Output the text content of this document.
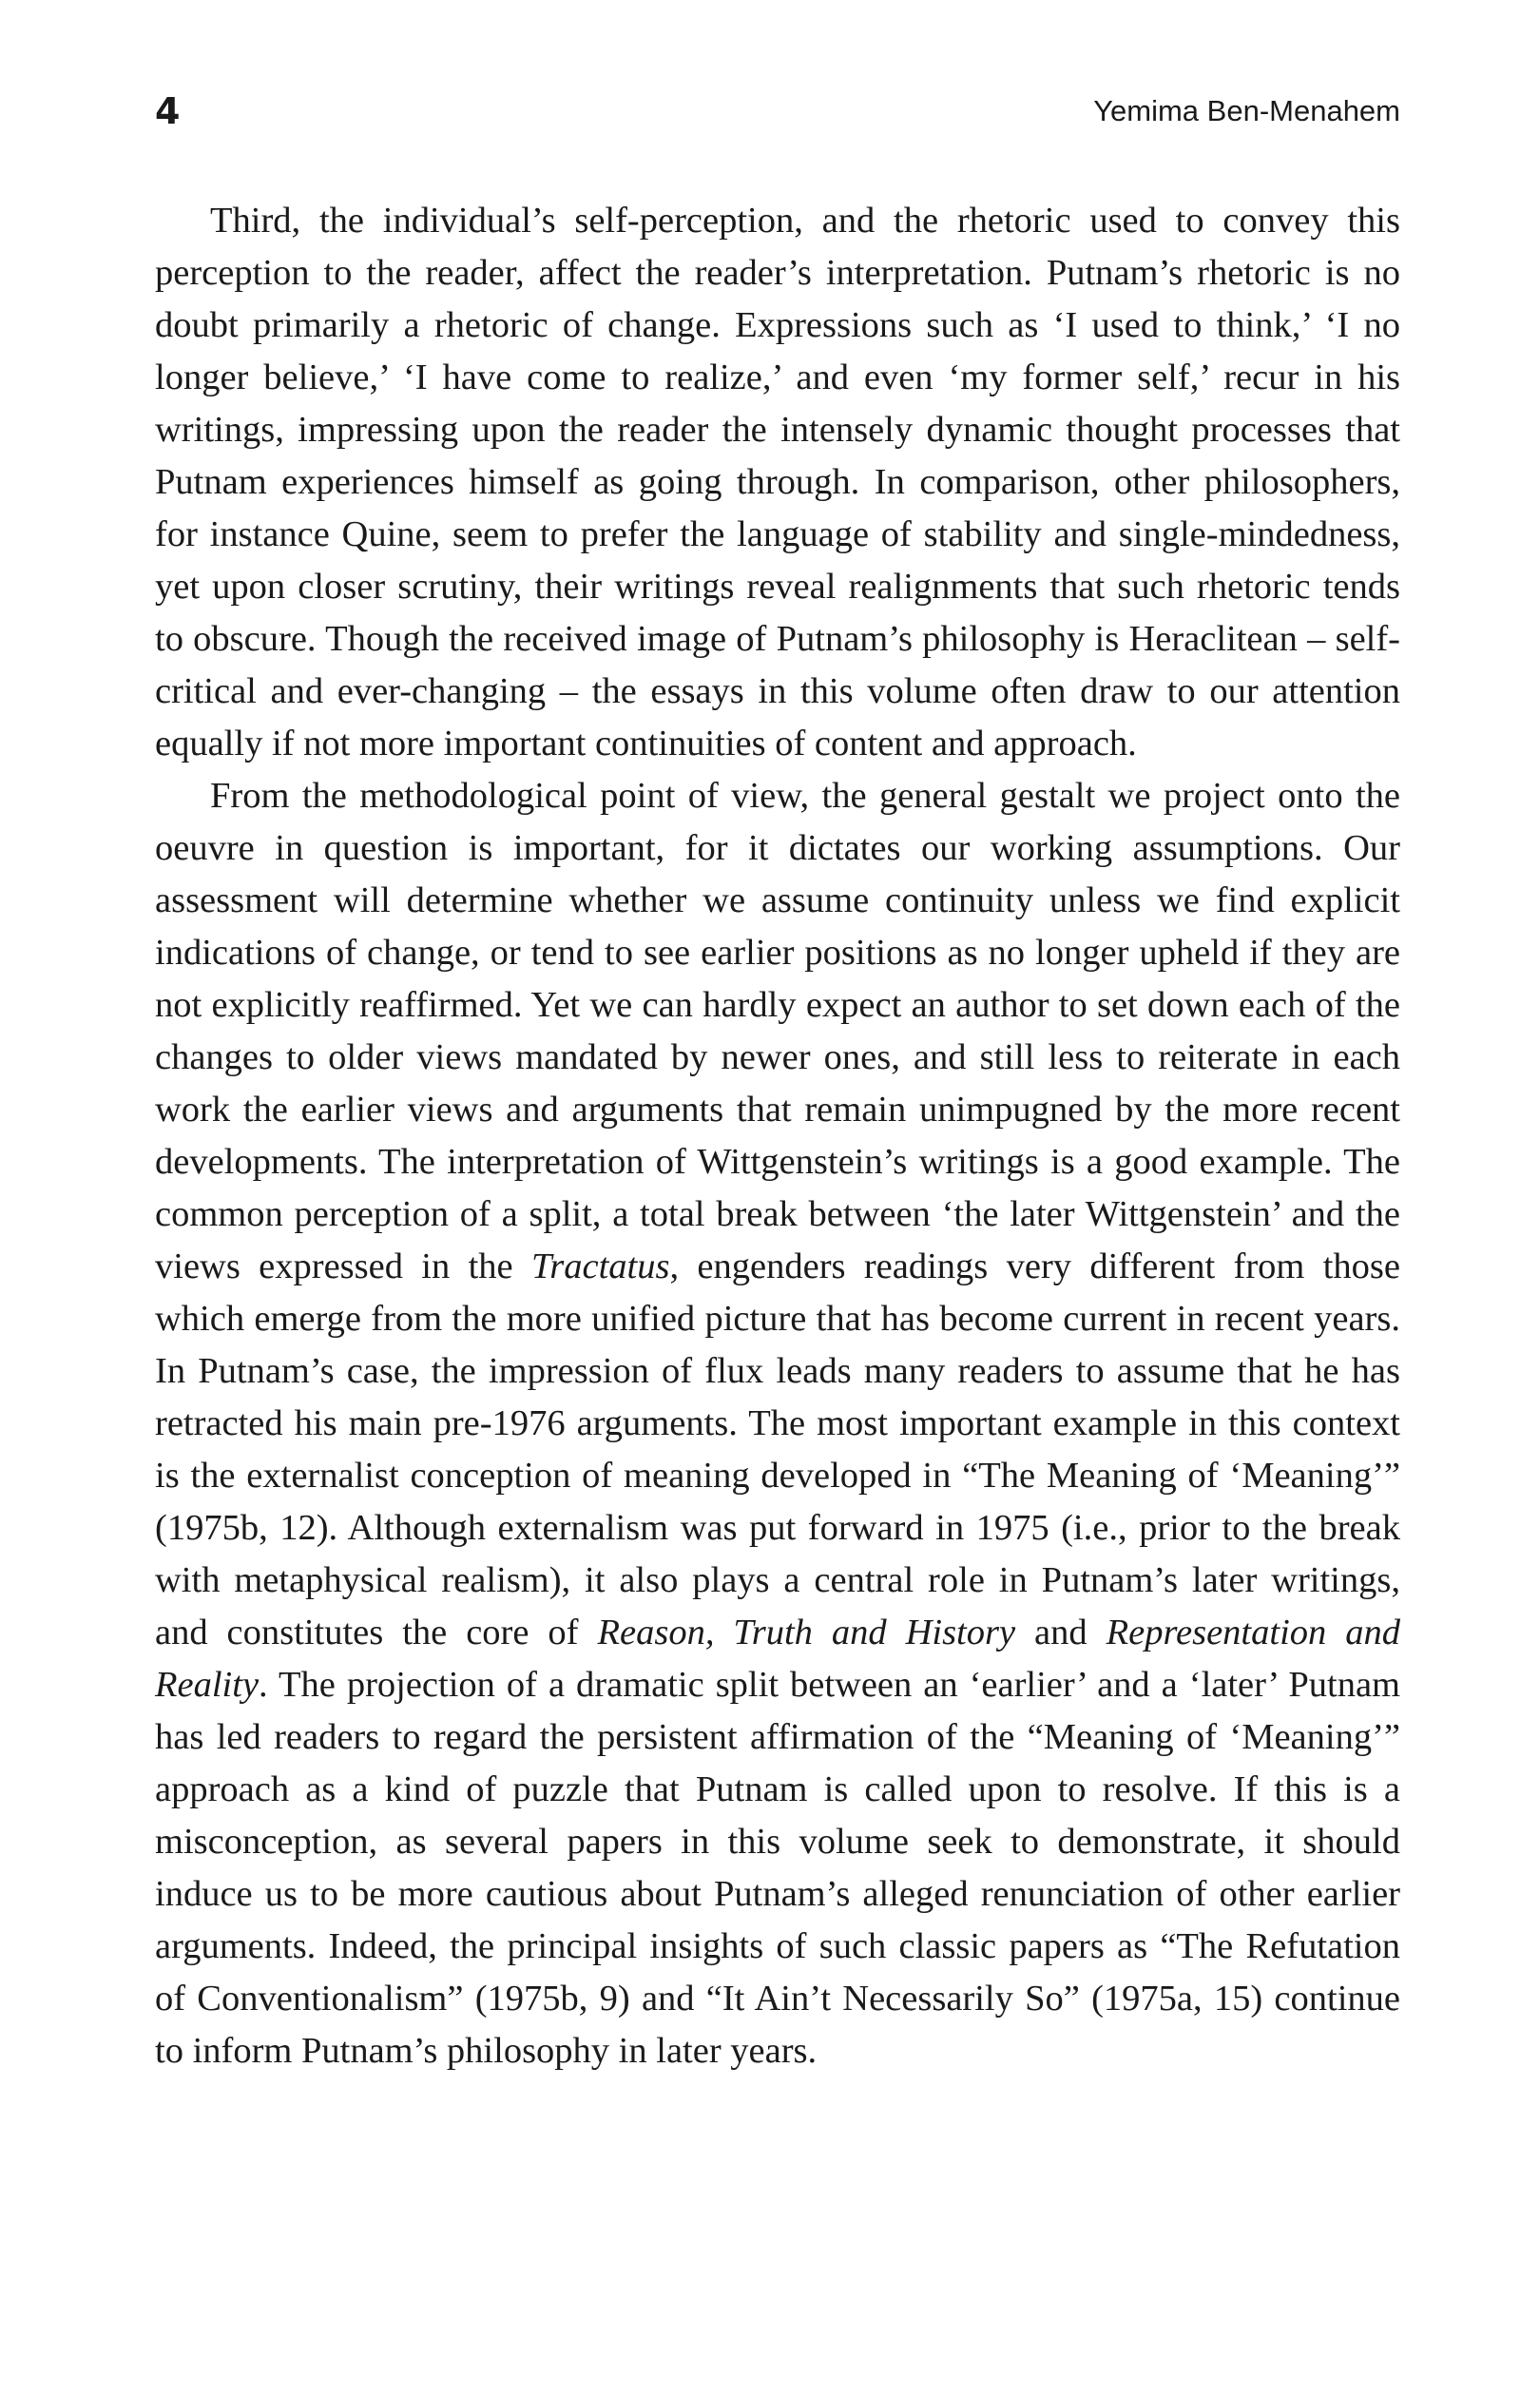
4	Yemima Ben-Menahem

Third, the individual’s self-perception, and the rhetoric used to convey this perception to the reader, affect the reader’s interpretation. Putnam’s rhetoric is no doubt primarily a rhetoric of change. Expressions such as ‘I used to think,’ ‘I no longer believe,’ ‘I have come to realize,’ and even ‘my former self,’ recur in his writings, impressing upon the reader the intensely dynamic thought processes that Putnam experiences himself as going through. In comparison, other philosophers, for instance Quine, seem to prefer the language of stability and single-mindedness, yet upon closer scrutiny, their writings reveal realignments that such rhetoric tends to obscure. Though the received image of Putnam’s philosophy is Heraclitean – self-critical and ever-changing – the essays in this volume often draw to our attention equally if not more important continuities of content and approach.

From the methodological point of view, the general gestalt we project onto the oeuvre in question is important, for it dictates our working assumptions. Our assessment will determine whether we assume continuity unless we find explicit indications of change, or tend to see earlier positions as no longer upheld if they are not explicitly reaffirmed. Yet we can hardly expect an author to set down each of the changes to older views mandated by newer ones, and still less to reiterate in each work the earlier views and arguments that remain unimpugned by the more recent developments. The interpretation of Wittgenstein’s writings is a good example. The common perception of a split, a total break between ‘the later Wittgenstein’ and the views expressed in the Tractatus, engenders readings very different from those which emerge from the more unified picture that has become current in recent years. In Putnam’s case, the impression of flux leads many readers to assume that he has retracted his main pre-1976 arguments. The most important example in this context is the externalist conception of meaning developed in “The Meaning of ‘Meaning’” (1975b, 12). Although externalism was put forward in 1975 (i.e., prior to the break with metaphysical realism), it also plays a central role in Putnam’s later writings, and constitutes the core of Reason, Truth and History and Representation and Reality. The projection of a dramatic split between an ‘earlier’ and a ‘later’ Putnam has led readers to regard the persistent affirmation of the “Meaning of ‘Meaning’” approach as a kind of puzzle that Putnam is called upon to resolve. If this is a misconception, as several papers in this volume seek to demonstrate, it should induce us to be more cautious about Putnam’s alleged renunciation of other earlier arguments. Indeed, the principal insights of such classic papers as “The Refutation of Conventionalism” (1975b, 9) and “It Ain’t Necessarily So” (1975a, 15) continue to inform Putnam’s philosophy in later years.
